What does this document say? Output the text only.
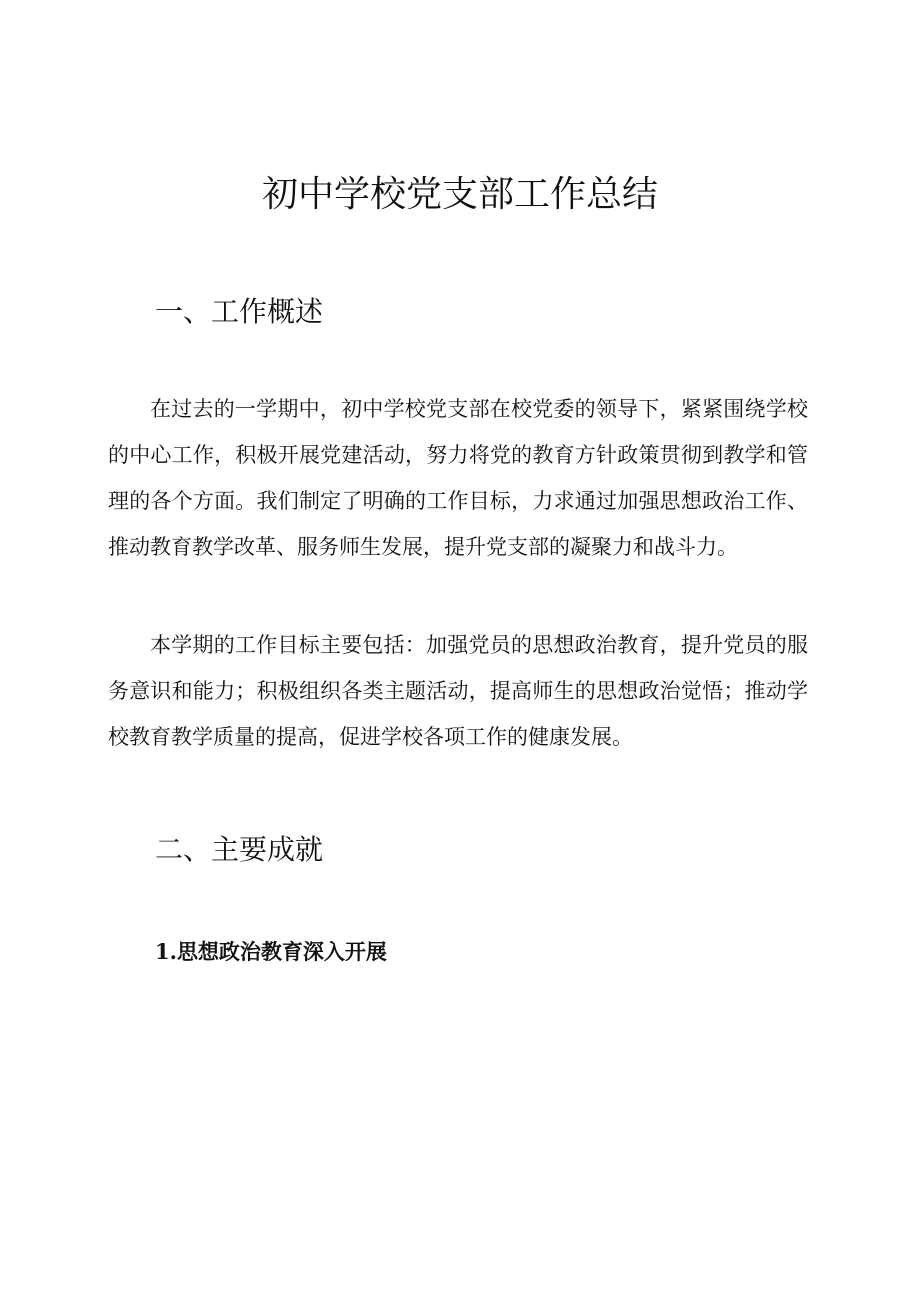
初中学校党支部工作总结
一、工作概述

在过去的一学期中，初中学校党支部在校党委的领导下，紧紧围绕学校的中心工作，积极开展党建活动，努力将党的教育方针政策贯彻到教学和管理的各个方面。我们制定了明确的工作目标，力求通过加强思想政治工作、推动教育教学改革、服务师生发展，提升党支部的凝聚力和战斗力。

本学期的工作目标主要包括：加强党员的思想政治教育，提升党员的服务意识和能力；积极组织各类主题活动，提高师生的思想政治觉悟；推动学校教育教学质量的提高，促进学校各项工作的健康发展。

二、主要成就
1.思想政治教育深入开展
